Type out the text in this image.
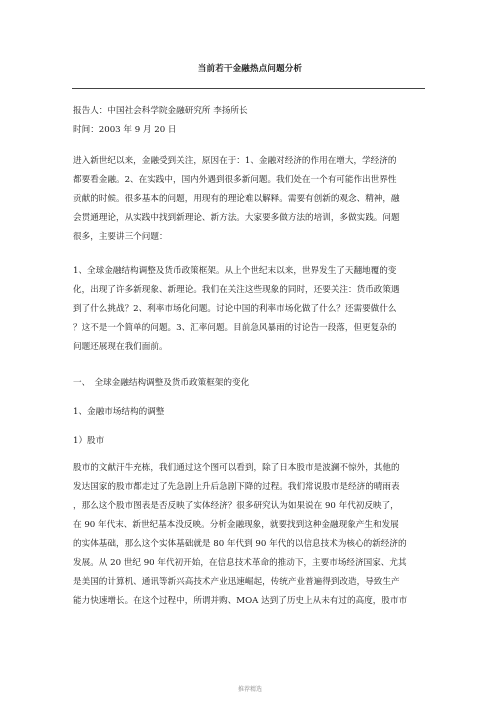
当前若干金融热点问题分析
报告人：中国社会科学院金融研究所 李扬所长
时间：2003 年 9 月 20 日
进入新世纪以来，金融受到关注，原因在于：1、金融对经济的作用在增大，学经济的
都要看金融。2、在实践中，国内外遇到很多新问题。我们处在一个有可能作出世界性
贡献的时候。很多基本的问题，用现有的理论难以解释。需要有创新的观念、精神，融
会贯通理论，从实践中找到新理论、新方法。大家要多做方法的培训，多做实践。问题
很多，主要讲三个问题：
1、全球金融结构调整及货币政策框架。从上个世纪末以来，世界发生了天翻地覆的变
化，出现了许多新现象、新理论。我们在关注这些现象的同时，还要关注：货币政策遇
到了什么挑战？2、利率市场化问题。讨论中国的利率市场化做了什么？还需要做什么
？这不是一个简单的问题。3、汇率问题。目前急风暴雨的讨论告一段落，但更复杂的
问题还展现在我们面前。
一、　全球金融结构调整及货币政策框架的变化
1、金融市场结构的调整
1）股市
股市的文献汗牛充栋，我们通过这个图可以看到，除了日本股市是波澜不惊外，其他的
发达国家的股市都走过了先急剧上升后急剧下降的过程。我们常说股市是经济的晴雨表
，那么这个股市图表是否反映了实体经济？很多研究认为如果说在 90 年代初反映了，
在 90 年代末、新世纪基本没反映。分析金融现象，就要找到这种金融现象产生和发展
的实体基础，那么这个实体基础就是 80 年代到 90 年代的以信息技术为核心的新经济的
发展。从 20 世纪 90 年代初开始，在信息技术革命的推动下，主要市场经济国家、尤其
是美国的计算机、通讯等新兴高技术产业迅速崛起，传统产业普遍得到改造，导致生产
能力快速增长。在这个过程中，所谓并购、MOA 达到了历史上从未有过的高度，股市市
推荐精选
